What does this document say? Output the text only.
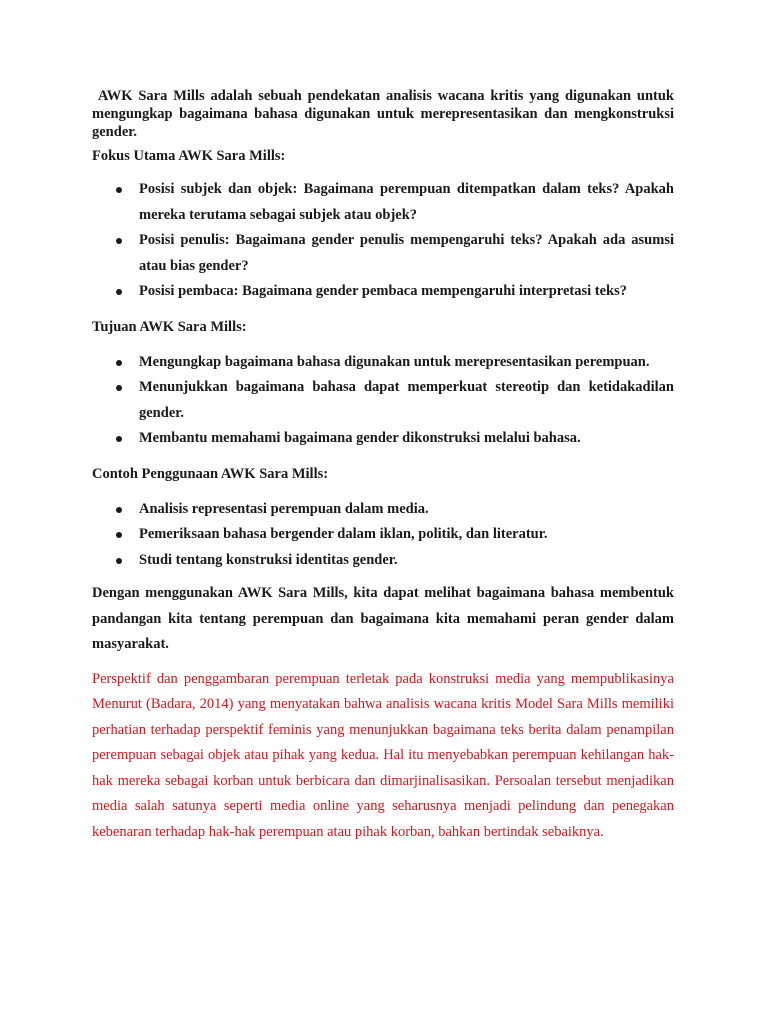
AWK Sara Mills adalah sebuah pendekatan analisis wacana kritis yang digunakan untuk mengungkap bagaimana bahasa digunakan untuk merepresentasikan dan mengkonstruksi gender.

Fokus Utama AWK Sara Mills:

Posisi subjek dan objek: Bagaimana perempuan ditempatkan dalam teks? Apakah mereka terutama sebagai subjek atau objek?
Posisi penulis: Bagaimana gender penulis mempengaruhi teks? Apakah ada asumsi atau bias gender?
Posisi pembaca: Bagaimana gender pembaca mempengaruhi interpretasi teks?

Tujuan AWK Sara Mills:

Mengungkap bagaimana bahasa digunakan untuk merepresentasikan perempuan.
Menunjukkan bagaimana bahasa dapat memperkuat stereotip dan ketidakadilan gender.
Membantu memahami bagaimana gender dikonstruksi melalui bahasa.

Contoh Penggunaan AWK Sara Mills:

Analisis representasi perempuan dalam media.
Pemeriksaan bahasa bergender dalam iklan, politik, dan literatur.
Studi tentang konstruksi identitas gender.

Dengan menggunakan AWK Sara Mills, kita dapat melihat bagaimana bahasa membentuk pandangan kita tentang perempuan dan bagaimana kita memahami peran gender dalam masyarakat.

Perspektif dan penggambaran perempuan terletak pada konstruksi media yang mempublikasinya Menurut (Badara, 2014) yang menyatakan bahwa analisis wacana kritis Model Sara Mills memiliki perhatian terhadap perspektif feminis yang menunjukkan bagaimana teks berita dalam penampilan perempuan sebagai objek atau pihak yang kedua. Hal itu menyebabkan perempuan kehilangan hak-hak mereka sebagai korban untuk berbicara dan dimarjinalisasikan. Persoalan tersebut menjadikan media salah satunya seperti media online yang seharusnya menjadi pelindung dan penegakan kebenaran terhadap hak-hak perempuan atau pihak korban, bahkan bertindak sebaiknya.
